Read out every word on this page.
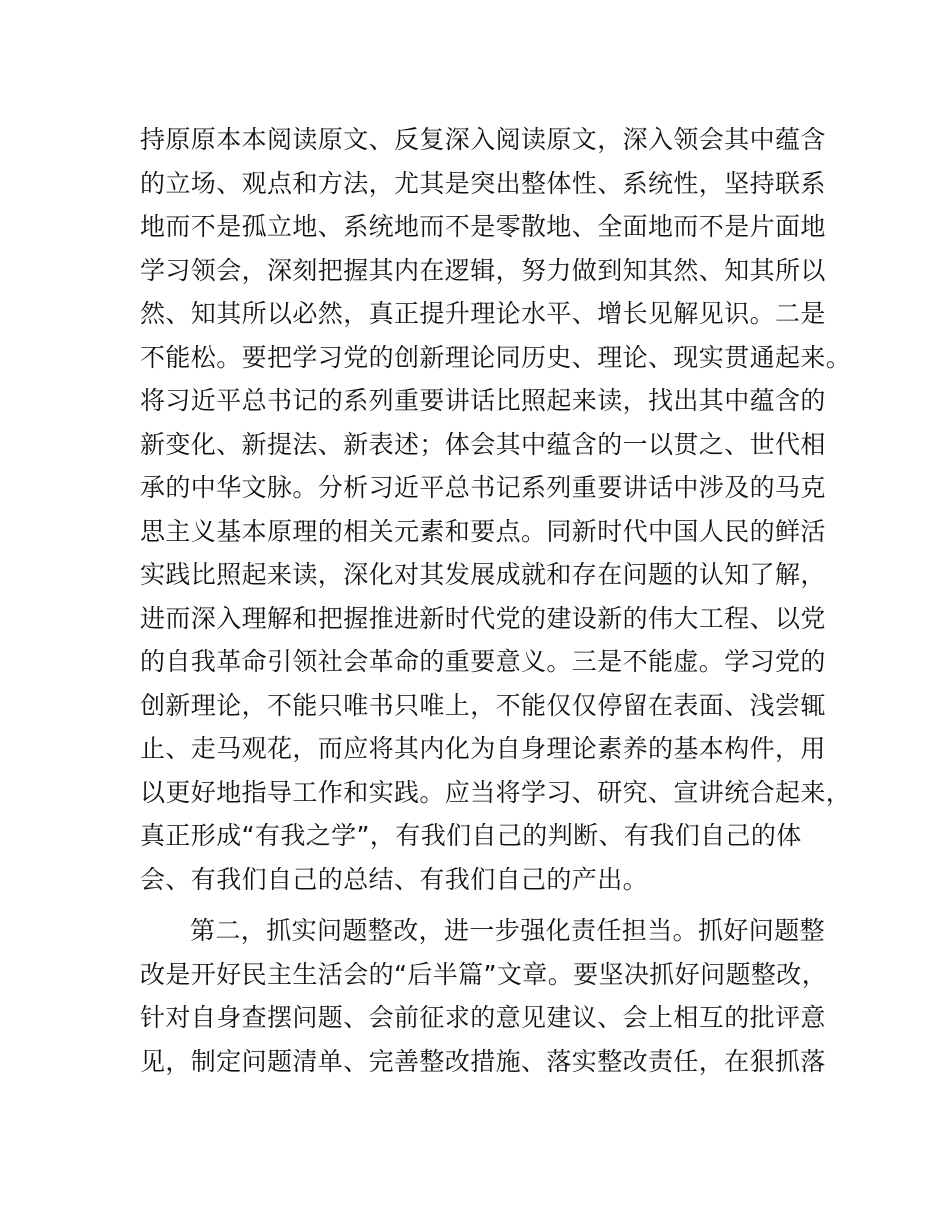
持原原本本阅读原文、反复深入阅读原文，深入领会其中蕴含
的立场、观点和方法，尤其是突出整体性、系统性，坚持联系
地而不是孤立地、系统地而不是零散地、全面地而不是片面地
学习领会，深刻把握其内在逻辑，努力做到知其然、知其所以
然、知其所以必然，真正提升理论水平、增长见解见识。二是
不能松。要把学习党的创新理论同历史、理论、现实贯通起来。
将习近平总书记的系列重要讲话比照起来读，找出其中蕴含的
新变化、新提法、新表述；体会其中蕴含的一以贯之、世代相
承的中华文脉。分析习近平总书记系列重要讲话中涉及的马克
思主义基本原理的相关元素和要点。同新时代中国人民的鲜活
实践比照起来读，深化对其发展成就和存在问题的认知了解，
进而深入理解和把握推进新时代党的建设新的伟大工程、以党
的自我革命引领社会革命的重要意义。三是不能虚。学习党的
创新理论，不能只唯书只唯上，不能仅仅停留在表面、浅尝辄
止、走马观花，而应将其内化为自身理论素养的基本构件，用
以更好地指导工作和实践。应当将学习、研究、宣讲统合起来，
真正形成“有我之学”，有我们自己的判断、有我们自己的体
会、有我们自己的总结、有我们自己的产出。
第二，抓实问题整改，进一步强化责任担当。抓好问题整
改是开好民主生活会的“后半篇”文章。要坚决抓好问题整改，
针对自身查摆问题、会前征求的意见建议、会上相互的批评意
见，制定问题清单、完善整改措施、落实整改责任，在狠抓落
